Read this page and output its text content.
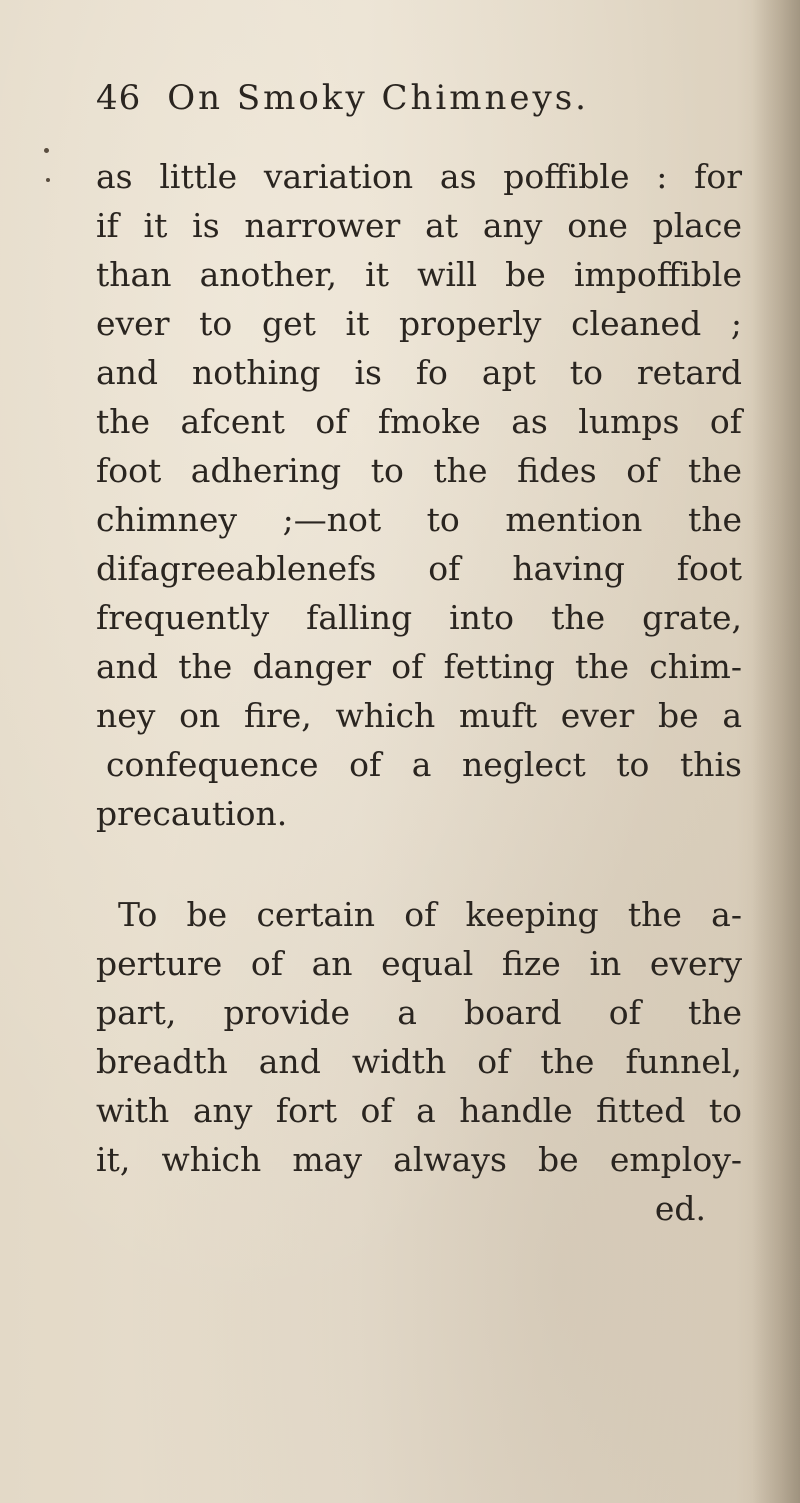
46 On Smoky Chimneys.
as little variation as poffible : for
if it is narrower at any one place
than another, it will be impoffible
ever to get it properly cleaned ;
and nothing is fo apt to retard
the afcent of fmoke as lumps of
foot adhering to the fides of the
chimney ;—not to mention the
difagreeablenefs of having foot
frequently falling into the grate,
and the danger of fetting the chim-
ney on fire, which muft ever be a
confequence of a neglect to this
precaution.
To be certain of keeping the a-
perture of an equal fize in every
part, provide a board of the
breadth and width of the funnel,
with any fort of a handle fitted to
it, which may always be employ-
ed.
